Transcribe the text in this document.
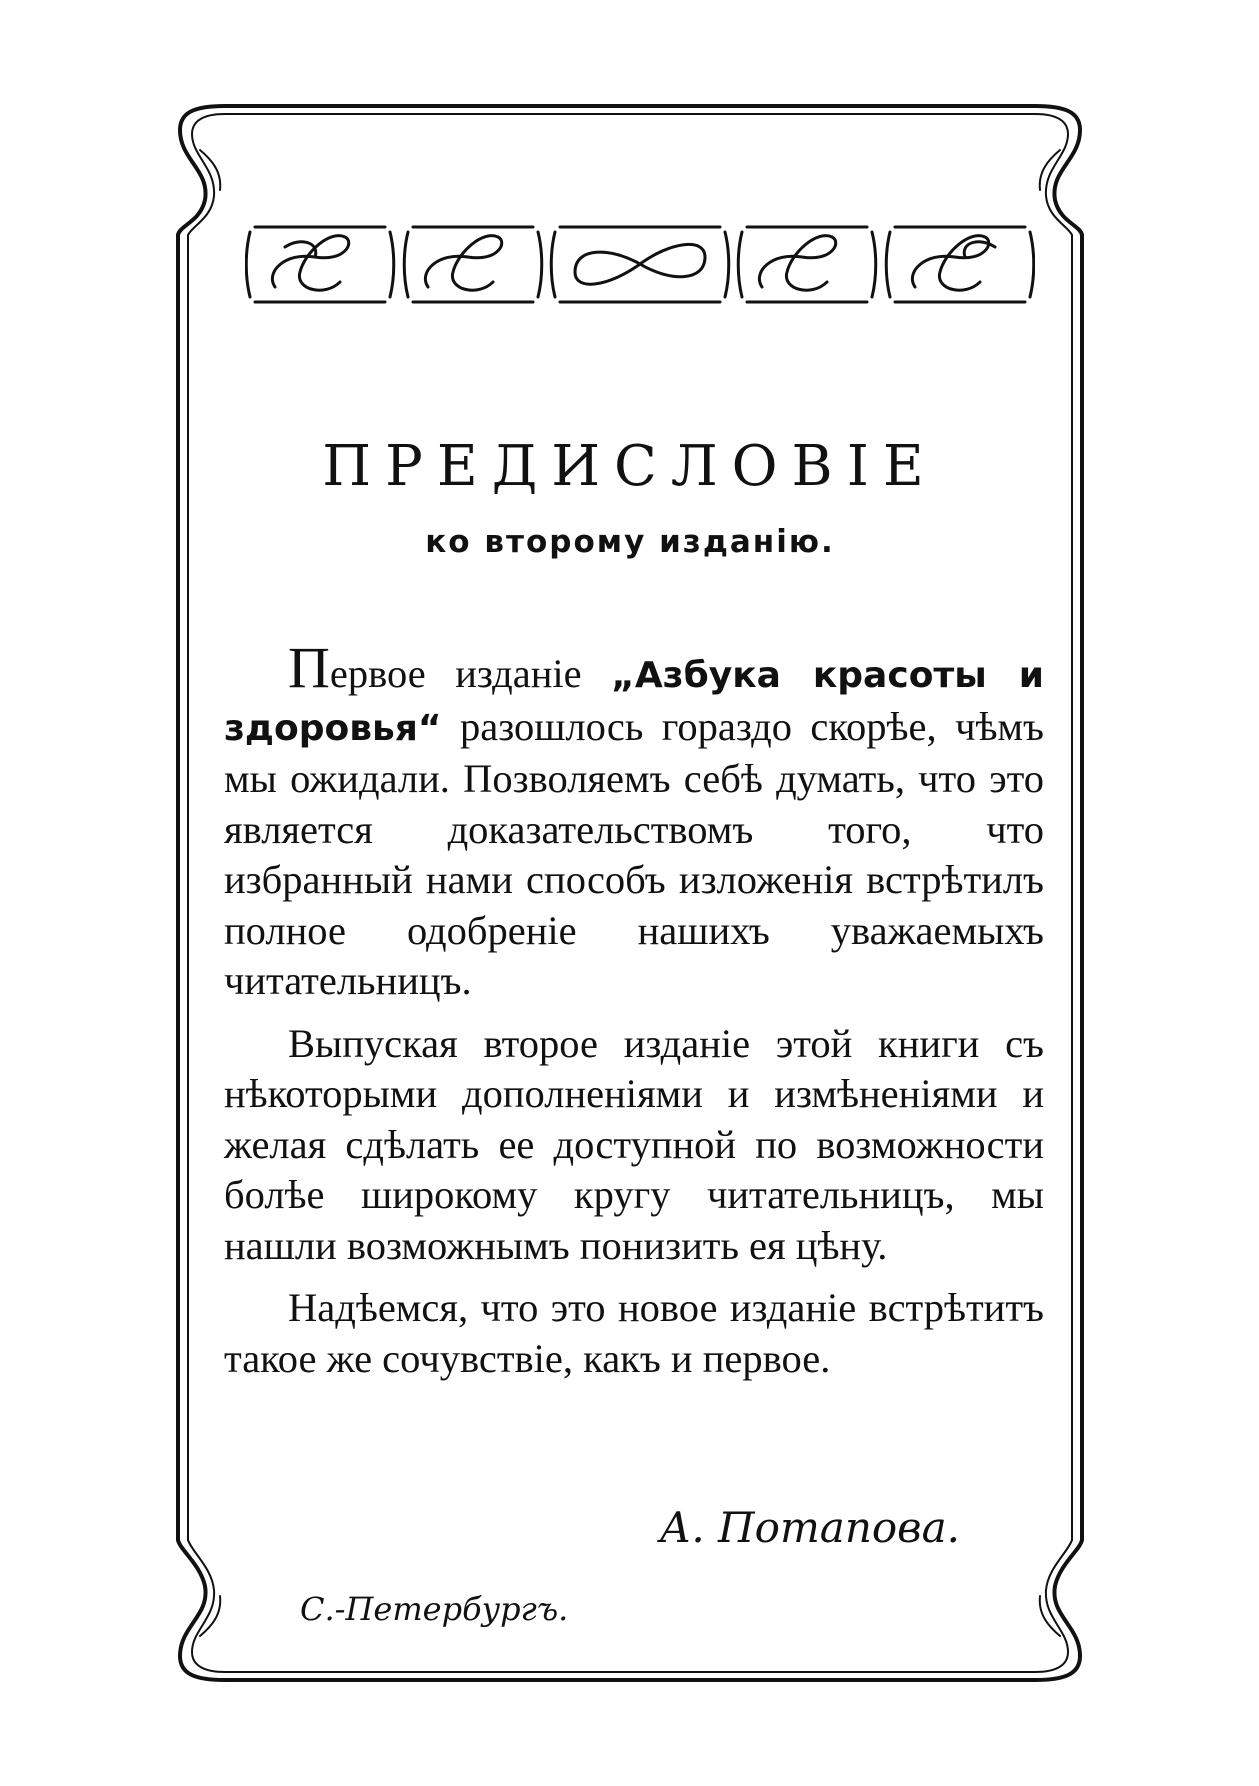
ПРЕДИСЛОВІЕ
ко второму изданію.

Первое изданіе „Азбука красоты и здоровья“ разошлось гораздо скорѣе, чѣмъ мы ожидали. Позволяемъ себѣ думать, что это является доказательствомъ того, что избранный нами способъ изложенія встрѣтилъ полное одобреніе нашихъ уважаемыхъ читательницъ.

Выпуская второе изданіе этой книги съ нѣкоторыми дополненіями и измѣненіями и желая сдѣлать ее доступной по возможности болѣе широкому кругу читательницъ, мы нашли возможнымъ понизить ея цѣну.

Надѣемся, что это новое изданіе встрѣтитъ такое же сочувствіе, какъ и первое.

А. Потапова.
С.-Петербургъ.
